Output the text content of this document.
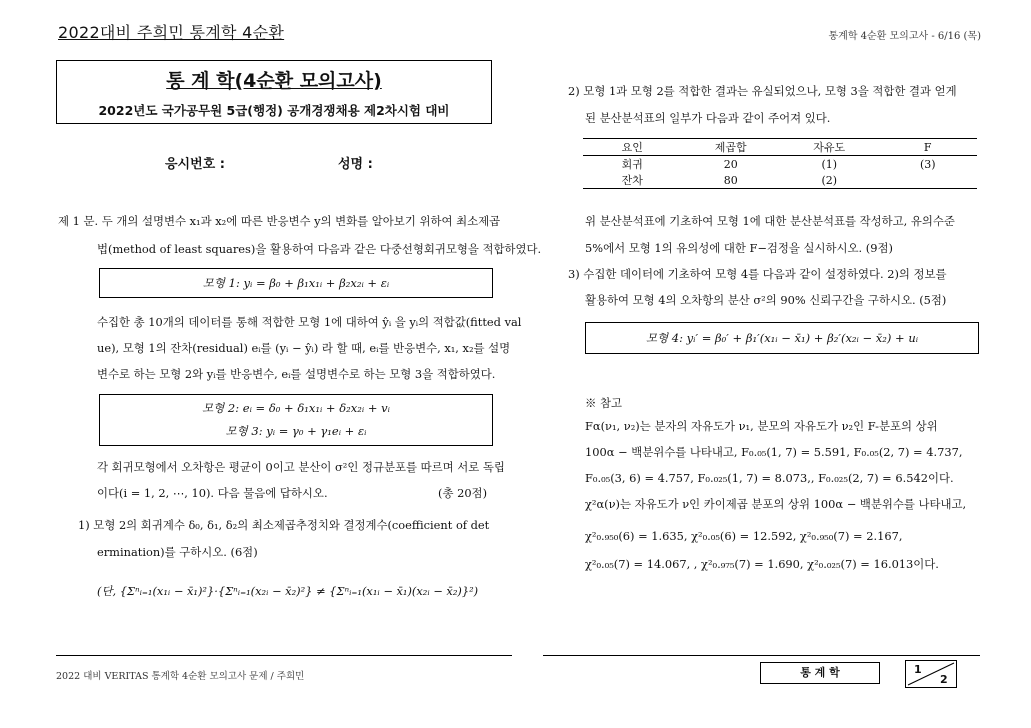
2022대비 주희민 통계학 4순환	통계학 4순환 모의고사 - 6/16 (목)
통 계 학(4순환 모의고사)
2022년도 국가공무원 5급(행정) 공개경쟁채용 제2차시험 대비
응시번호 :	성명 :
제 1 문. 두 개의 설명변수 x₁과 x₂에 따른 반응변수 y의 변화를 알아보기 위하여 최소제곱
법(method of least squares)을 활용하여 다음과 같은 다중선형회귀모형을 적합하였다.
모형 1: yᵢ = β₀ + β₁x₁ᵢ + β₂x₂ᵢ + εᵢ
수집한 총 10개의 데이터를 통해 적합한 모형 1에 대하여 ŷᵢ 을 yᵢ의 적합값(fitted val
ue), 모형 1의 잔차(residual) eᵢ를 (yᵢ − ŷᵢ) 라 할 때, eᵢ를 반응변수, x₁, x₂를 설명
변수로 하는 모형 2와 yᵢ를 반응변수, eᵢ를 설명변수로 하는 모형 3을 적합하였다.
모형 2: eᵢ = δ₀ + δ₁x₁ᵢ + δ₂x₂ᵢ + vᵢ
모형 3: yᵢ = γ₀ + γ₁eᵢ + εᵢ
각 회귀모형에서 오차항은 평균이 0이고 분산이 σ²인 정규분포를 따르며 서로 독립
이다(i = 1, 2, ⋯, 10). 다음 물음에 답하시오.	(총 20점)
1) 모형 2의 회귀계수 δ₀, δ₁, δ₂의 최소제곱추정치와 결정계수(coefficient of det
ermination)를 구하시오. (6점)
(단, {Σⁿᵢ₌₁(x₁ᵢ − x̄₁)²}·{Σⁿᵢ₌₁(x₂ᵢ − x̄₂)²} ≠ {Σⁿᵢ₌₁(x₁ᵢ − x̄₁)(x₂ᵢ − x̄₂)}²)
2) 모형 1과 모형 2를 적합한 결과는 유실되었으나, 모형 3을 적합한 결과 얻게
된 분산분석표의 일부가 다음과 같이 주어져 있다.
요인	제곱합	자유도	F
회귀	20	(1)	(3)
잔차	80	(2)	
위 분산분석표에 기초하여 모형 1에 대한 분산분석표를 작성하고, 유의수준
5%에서 모형 1의 유의성에 대한 F−검정을 실시하시오. (9점)
3) 수집한 데이터에 기초하여 모형 4를 다음과 같이 설정하였다. 2)의 정보를
활용하여 모형 4의 오차항의 분산 σ²의 90% 신뢰구간을 구하시오. (5점)
모형 4: yᵢ′ = β₀′ + β₁′(x₁ᵢ − x̄₁) + β₂′(x₂ᵢ − x̄₂) + uᵢ
※ 참고
Fα(ν₁, ν₂)는 분자의 자유도가 ν₁, 분모의 자유도가 ν₂인 F-분포의 상위
100α − 백분위수를 나타내고, F₀.₀₅(1, 7) = 5.591, F₀.₀₅(2, 7) = 4.737,
F₀.₀₅(3, 6) = 4.757, F₀.₀₂₅(1, 7) = 8.073,, F₀.₀₂₅(2, 7) = 6.542이다.
χ²α(ν)는 자유도가 ν인 카이제곱 분포의 상위 100α − 백분위수를 나타내고,
χ²₀.₉₅₀(6) = 1.635, χ²₀.₀₅(6) = 12.592, χ²₀.₉₅₀(7) = 2.167,
χ²₀.₀₅(7) = 14.067, , χ²₀.₉₇₅(7) = 1.690, χ²₀.₀₂₅(7) = 16.013이다.
2022 대비 VERITAS 통계학 4순환 모의고사 문제 / 주희민	통 계 학	1
2
